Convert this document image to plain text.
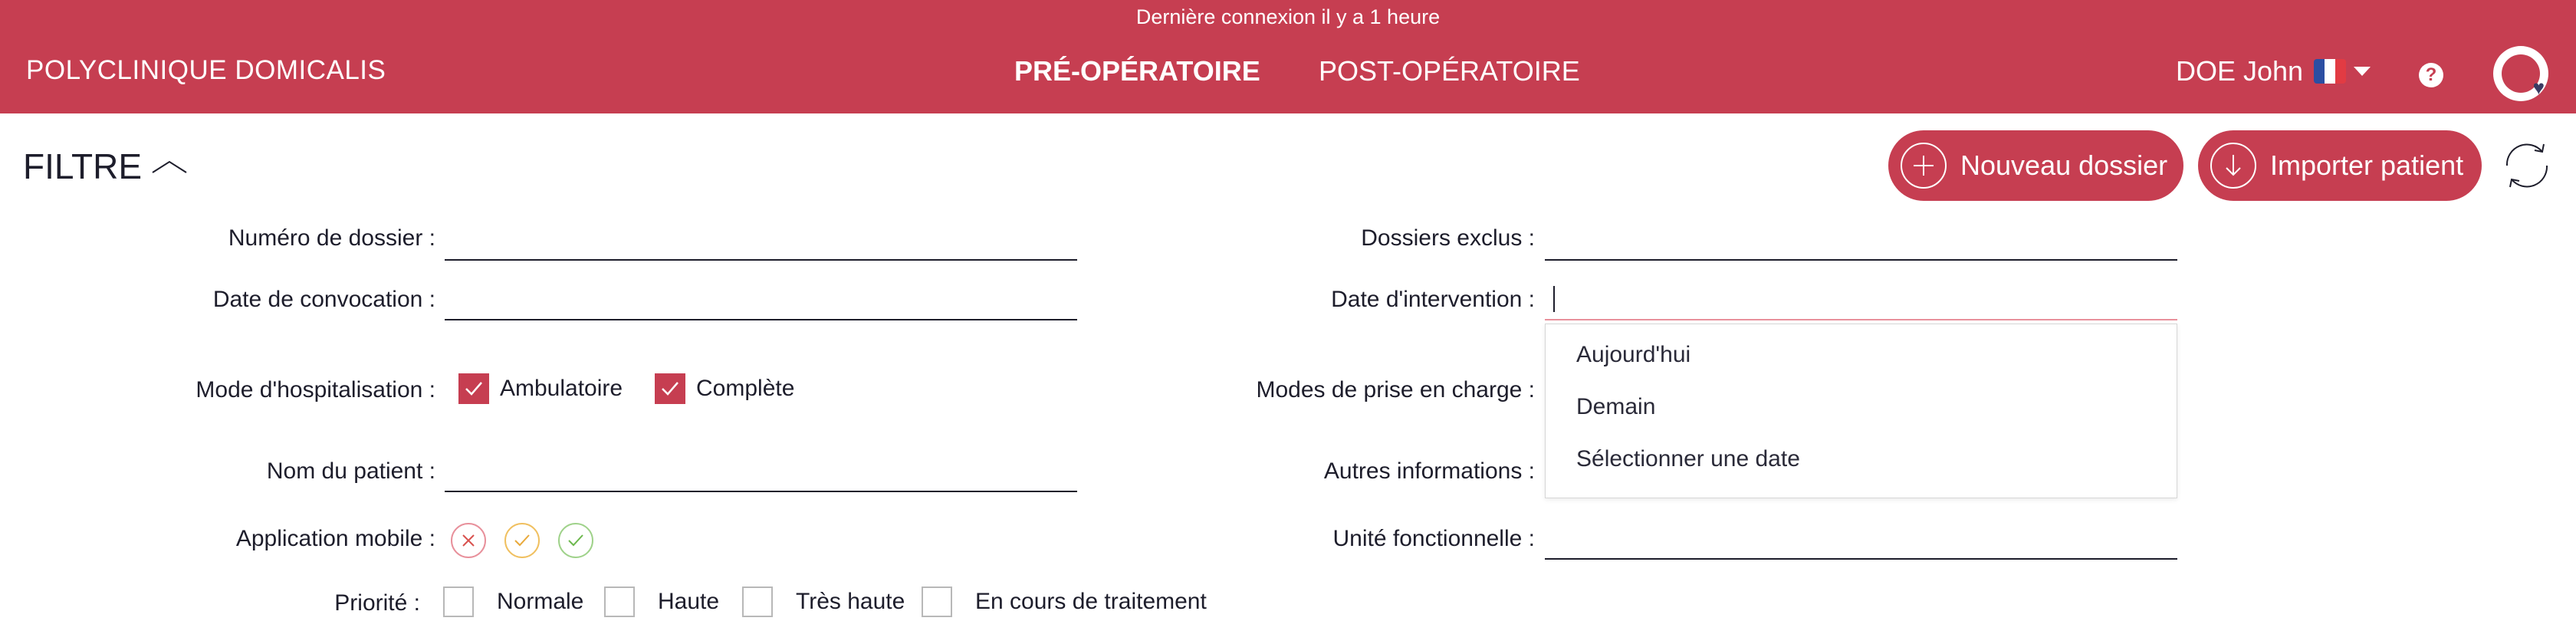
Dernière connexion il y a 1 heure
POLYCLINIQUE DOMICALIS	PRÉ-OPÉRATOIRE POST-OPÉRATOIRE	DOE John	?
♥
FILTRE	Nouveau dossier	Importer patient
Numéro de dossier :
Date de convocation :
Mode d'hospitalisation :	Ambulatoire	Complète
Nom du patient :
Application mobile :
Priorité :	Normale	Haute	Très haute	En cours de traitement
Dossiers exclus :
Date d'intervention :
Modes de prise en charge :
Autres informations :
Unité fonctionnelle :
Aujourd'hui
Demain
Sélectionner une date
